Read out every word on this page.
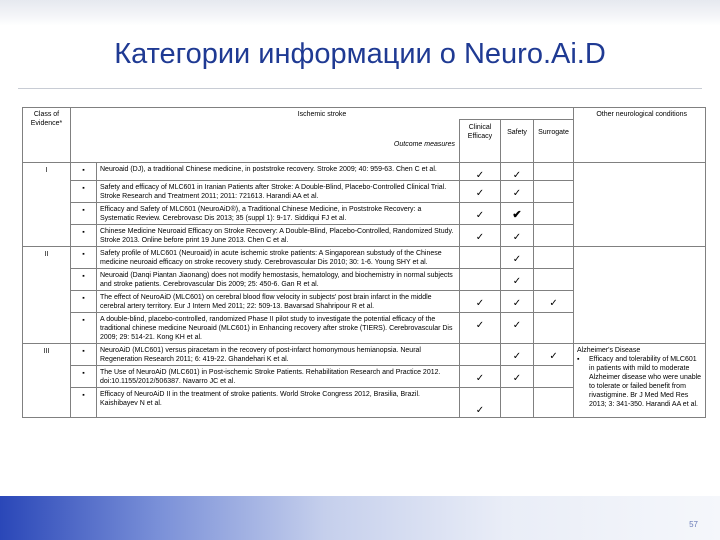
Категории информации о Neuro.Ai.D
Class of Evidence*	Ischemic stroke					Other neurological conditions
	Outcome measures		Clinical Efficacy	Safety	Surrogate	
I	▪	Neuroaid (DJ), a traditional Chinese medicine, in poststroke recovery. Stroke 2009; 40: 959-63. Chen C et al.	✓	✓		
	▪	Safety and efficacy of MLC601 in Iranian Patients after Stroke: A Double-Blind, Placebo-Controlled Clinical Trial. Stroke Research and Treatment 2011; 2011: 721613. Harandi AA et al.	✓	✓		
	▪	Efficacy and Safety of MLC601 (NeuroAiD®), a Traditional Chinese Medicine, in Poststroke Recovery: a Systematic Review. Cerebrovasc Dis 2013; 35 (suppl 1): 9-17. Siddiqui FJ et al.	✓	✔		
	▪	Chinese Medicine Neuroaid Efficacy on Stroke Recovery: A Double-Blind, Placebo-Controlled, Randomized Study. Stroke 2013. Online before print 19 June 2013. Chen C et al.	✓	✓		
II	▪	Safety profile of MLC601 (Neuroaid) in acute ischemic stroke patients: A Singaporean substudy of the Chinese medicine neuroaid efficacy on stroke recovery study. Cerebrovascular Dis 2010; 30: 1-6. Young SHY et al.		✓		
	▪	Neuroaid (Danqi Piantan Jiaonang) does not modify hemostasis, hematology, and biochemistry in normal subjects and stroke patients. Cerebrovascular Dis 2009; 25: 450-6. Gan R et al.		✓		
	▪	The effect of NeuroAiD (MLC601) on cerebral blood flow velocity in subjects' post brain infarct in the middle cerebral artery territory. Eur J Intern Med 2011; 22: 509-13. Bavarsad Shahripour R et al.	✓	✓	✓	
	▪	A double-blind, placebo-controlled, randomized Phase II pilot study to investigate the potential efficacy of the traditional chinese medicine Neuroaid (MLC601) in Enhancing recovery after stroke (TIERS). Cerebrovascular Dis 2009; 29: 514-21. Kong KH et al.	✓	✓		
III	▪	NeuroAiD (MLC601) versus piracetam in the recovery of post-infarct homonymous hemianopsia. Neural Regeneration Research 2011; 6: 419-22. Ghandehari K et al.		✓	✓	Alzheimer's Disease
▪ Efficacy and tolerability of MLC601 in patients with mild to moderate Alzheimer disease who were unable to tolerate or failed benefit from rivastigmine. Br J Med Med Res 2013; 3: 341-350. Harandi AA et al.

	▪	The Use of NeuroAiD (MLC601) in Post-ischemic Stroke Patients. Rehabilitation Research and Practice 2012. doi:10.1155/2012/506387. Navarro JC et al.	✓	✓		
	▪	Efficacy of NeuroAiD II in the treatment of stroke patients. World Stroke Congress 2012, Brasilia, Brazil. Kaishibayev N et al.	✓			
57
